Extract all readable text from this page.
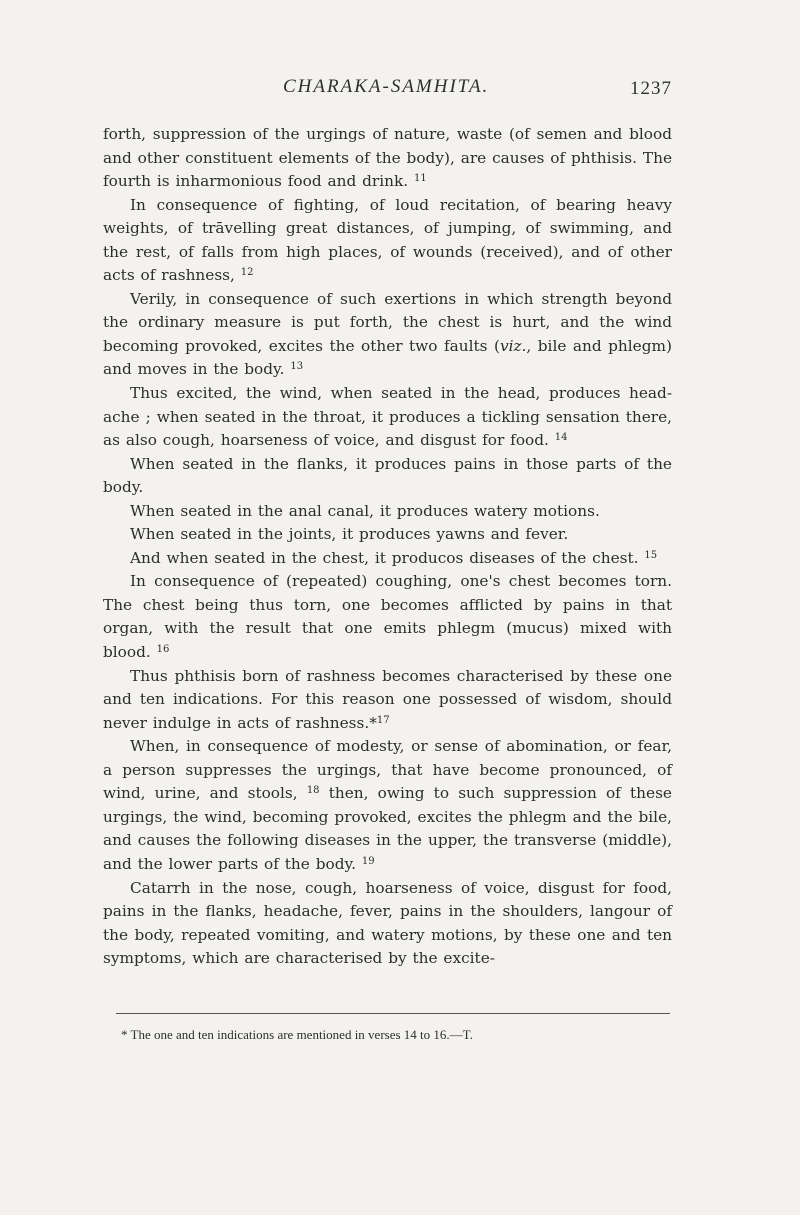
CHARAKA-SAMHITA.	1237

forth, suppression of the urgings of nature, waste (of semen and blood and other constituent elements of the body), are causes of phthisis. The fourth is inharmonious food and drink. $^{11}$

In consequence of fighting, of loud recitation, of bearing heavy weights, of trāvelling great distances, of jumping, of swimming, and the rest, of falls from high places, of wounds (received), and of other acts of rashness, $^{12}$

Verily, in consequence of such exertions in which strength beyond the ordinary measure is put forth, the chest is hurt, and the wind becoming provoked, excites the other two faults (viz., bile and phlegm) and moves in the body. $^{13}$

Thus excited, the wind, when seated in the head, produces head-ache ; when seated in the throat, it produces a tickling sensation there, as also cough, hoarseness of voice, and disgust for food. $^{14}$

When seated in the flanks, it produces pains in those parts of the body.

When seated in the anal canal, it produces watery motions.

When seated in the joints, it produces yawns and fever.

And when seated in the chest, it producos diseases of the chest. $^{15}$

In consequence of (repeated) coughing, one's chest becomes torn. The chest being thus torn, one becomes afflicted by pains in that organ, with the result that one emits phlegm (mucus) mixed with blood. $^{16}$

Thus phthisis born of rashness becomes characterised by these one and ten indications. For this reason one possessed of wisdom, should never indulge in acts of rashness.*$^{17}$

When, in consequence of modesty, or sense of abomination, or fear, a person suppresses the urgings, that have become pronounced, of wind, urine, and stools, $^{18}$ then, owing to such suppression of these urgings, the wind, becoming provoked, excites the phlegm and the bile, and causes the following diseases in the upper, the transverse (middle), and the lower parts of the body. $^{19}$

Catarrh in the nose, cough, hoarseness of voice, disgust for food, pains in the flanks, headache, fever, pains in the shoulders, langour of the body, repeated vomiting, and watery motions, by these one and ten symptoms, which are characterised by the excite-

* The one and ten indications are mentioned in verses 14 to 16.—T.
